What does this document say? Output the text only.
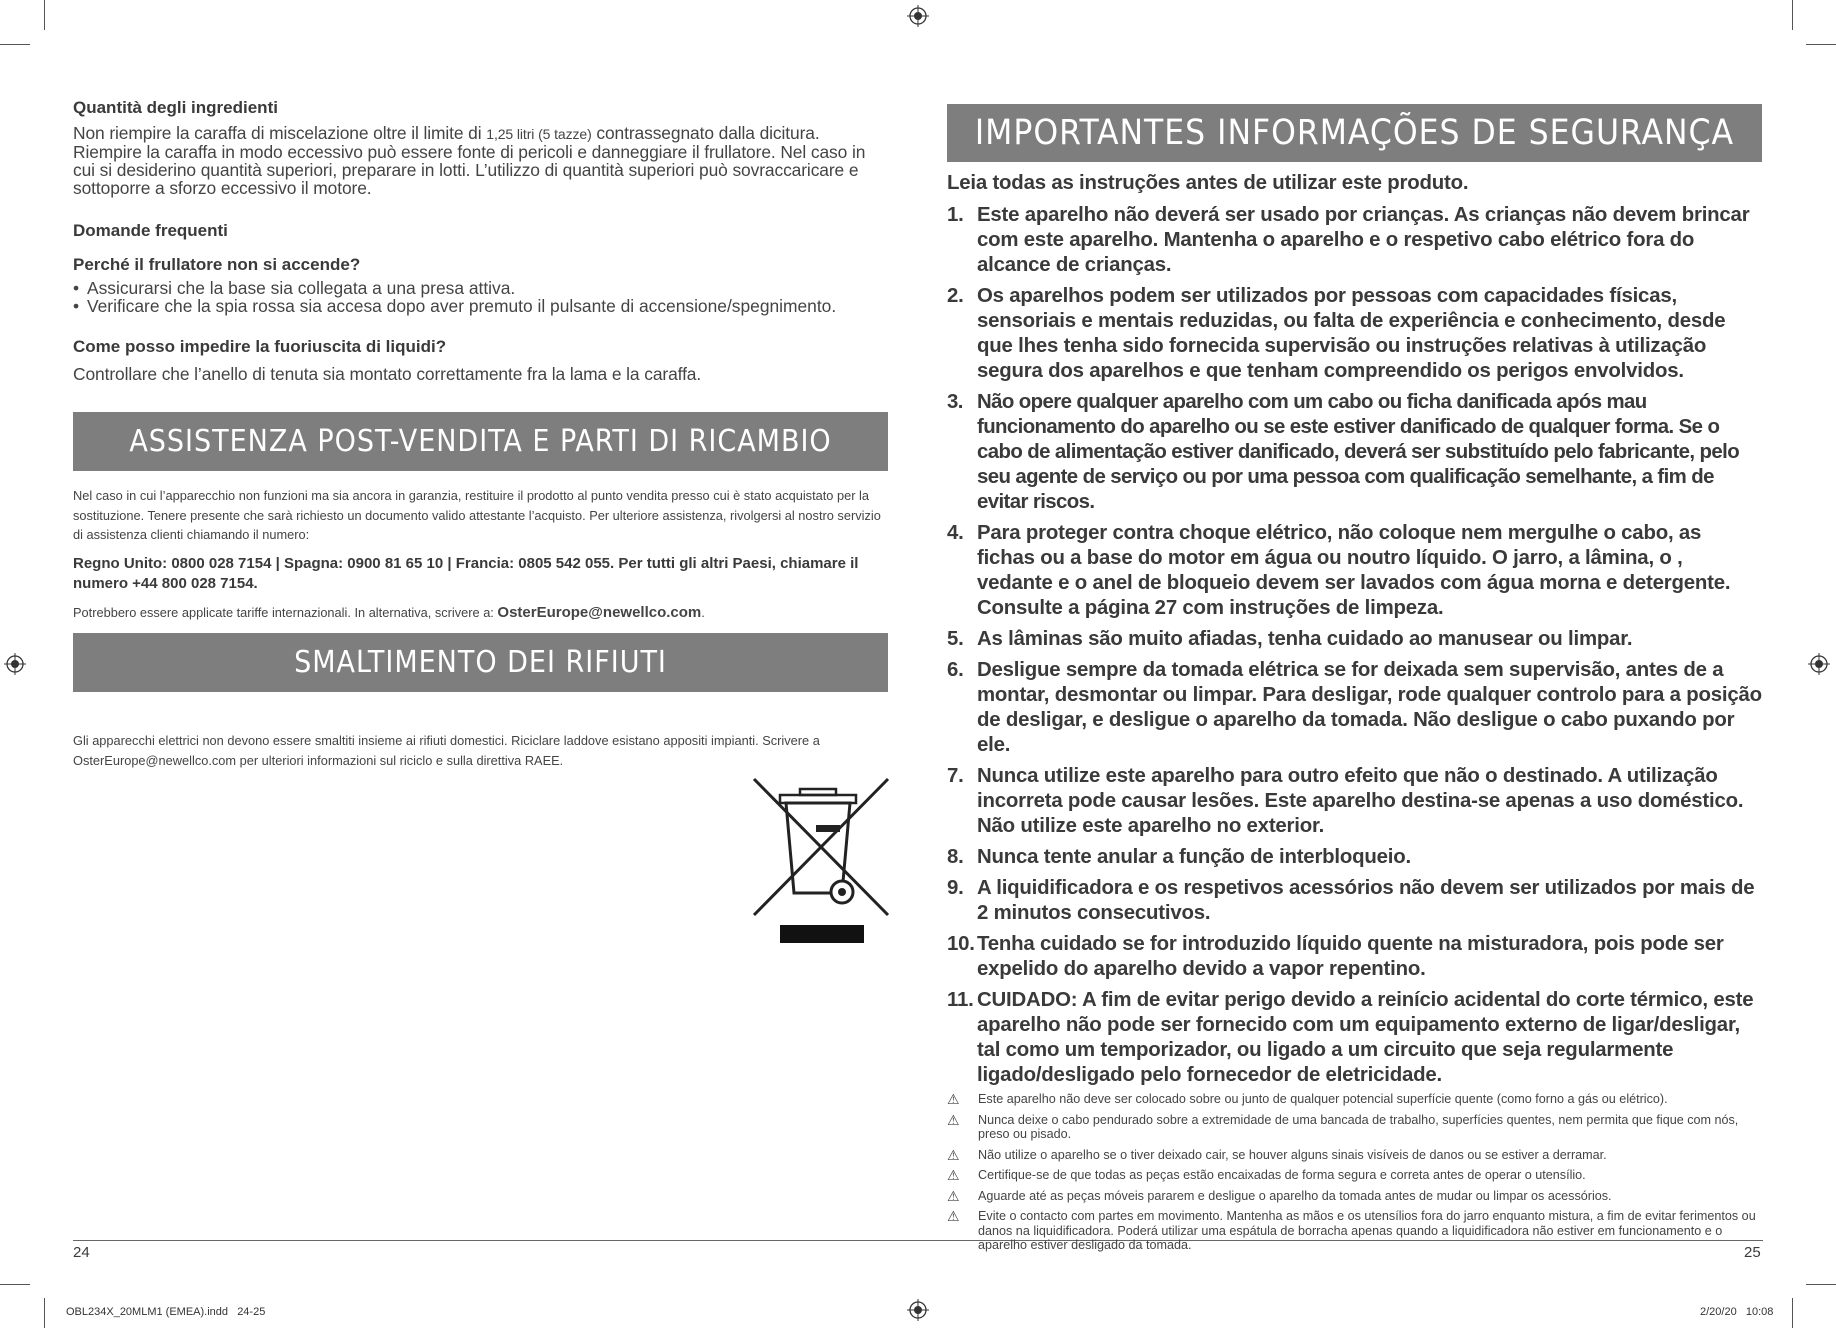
Quantità degli ingredienti

Non riempire la caraffa di miscelazione oltre il limite di 1,25 litri (5 tazze) contrassegnato dalla dicitura. Riempire la caraffa in modo eccessivo può essere fonte di pericoli e danneggiare il frullatore. Nel caso in cui si desiderino quantità superiori, preparare in lotti. L’utilizzo di quantità superiori può sovraccaricare e sottoporre a sforzo eccessivo il motore.

Domande frequenti

Perché il frullatore non si accende?

• Assicurarsi che la base sia collegata a una presa attiva.
• Verificare che la spia rossa sia accesa dopo aver premuto il pulsante di accensione/spegnimento.

Come posso impedire la fuoriuscita di liquidi?

Controllare che l’anello di tenuta sia montato correttamente fra la lama e la caraffa.

ASSISTENZA POST-VENDITA E PARTI DI RICAMBIO

Nel caso in cui l’apparecchio non funzioni ma sia ancora in garanzia, restituire il prodotto al punto vendita presso cui è stato acquistato per la sostituzione. Tenere presente che sarà richiesto un documento valido attestante l’acquisto. Per ulteriore assistenza, rivolgersi al nostro servizio di assistenza clienti chiamando il numero:

Regno Unito: 0800 028 7154 | Spagna: 0900 81 65 10 | Francia: 0805 542 055. Per tutti gli altri Paesi, chiamare il numero +44 800 028 7154.

Potrebbero essere applicate tariffe internazionali. In alternativa, scrivere a: OsterEurope@newellco.com.

SMALTIMENTO DEI RIFIUTI

Gli apparecchi elettrici non devono essere smaltiti insieme ai rifiuti domestici. Riciclare laddove esistano appositi impianti. Scrivere a OsterEurope@newellco.com per ulteriori informazioni sul riciclo e sulla direttiva RAEE.

24	25
IMPORTANTES INFORMAÇÕES DE SEGURANÇA

Leia todas as instruções antes de utilizar este produto.

1. Este aparelho não deverá ser usado por crianças. As crianças não devem brincar com este aparelho. Mantenha o aparelho e o respetivo cabo elétrico fora do alcance de crianças.
2. Os aparelhos podem ser utilizados por pessoas com capacidades físicas, sensoriais e mentais reduzidas, ou falta de experiência e conhecimento, desde que lhes tenha sido fornecida supervisão ou instruções relativas à utilização segura dos aparelhos e que tenham compreendido os perigos envolvidos.
3. Não opere qualquer aparelho com um cabo ou ficha danificada após mau funcionamento do aparelho ou se este estiver danificado de qualquer forma. Se o cabo de alimentação estiver danificado, deverá ser substituído pelo fabricante, pelo seu agente de serviço ou por uma pessoa com qualificação semelhante, a fim de evitar riscos.
4. Para proteger contra choque elétrico, não coloque nem mergulhe o cabo, as fichas ou a base do motor em água ou noutro líquido. O jarro, a lâmina, o , vedante e o anel de bloqueio devem ser lavados com água morna e detergente. Consulte a página 27 com instruções de limpeza.
5. As lâminas são muito afiadas, tenha cuidado ao manusear ou limpar.
6. Desligue sempre da tomada elétrica se for deixada sem supervisão, antes de a montar, desmontar ou limpar. Para desligar, rode qualquer controlo para a posição de desligar, e desligue o aparelho da tomada. Não desligue o cabo puxando por ele.
7. Nunca utilize este aparelho para outro efeito que não o destinado. A utilização incorreta pode causar lesões. Este aparelho destina-se apenas a uso doméstico. Não utilize este aparelho no exterior.
8. Nunca tente anular a função de interbloqueio.
9. A liquidificadora e os respetivos acessórios não devem ser utilizados por mais de 2 minutos consecutivos.
10. Tenha cuidado se for introduzido líquido quente na misturadora, pois pode ser expelido do aparelho devido a vapor repentino.
11. CUIDADO: A fim de evitar perigo devido a reinício acidental do corte térmico, este aparelho não pode ser fornecido com um equipamento externo de ligar/desligar, tal como um temporizador, ou ligado a um circuito que seja regularmente ligado/desligado pelo fornecedor de eletricidade.
⚠ Este aparelho não deve ser colocado sobre ou junto de qualquer potencial superfície quente (como forno a gás ou elétrico).
⚠ Nunca deixe o cabo pendurado sobre a extremidade de uma bancada de trabalho, superfícies quentes, nem permita que fique com nós, preso ou pisado.
⚠ Não utilize o aparelho se o tiver deixado cair, se houver alguns sinais visíveis de danos ou se estiver a derramar.
⚠ Certifique-se de que todas as peças estão encaixadas de forma segura e correta antes de operar o utensílio.
⚠ Aguarde até as peças móveis pararem e desligue o aparelho da tomada antes de mudar ou limpar os acessórios.
⚠ Evite o contacto com partes em movimento. Mantenha as mãos e os utensílios fora do jarro enquanto mistura, a fim de evitar ferimentos ou danos na liquidificadora. Poderá utilizar uma espátula de borracha apenas quando a liquidificadora não estiver em funcionamento e o aparelho estiver desligado da tomada.
OBL234X_20MLM1 (EMEA).indd   24-25	2/20/20   10:08
